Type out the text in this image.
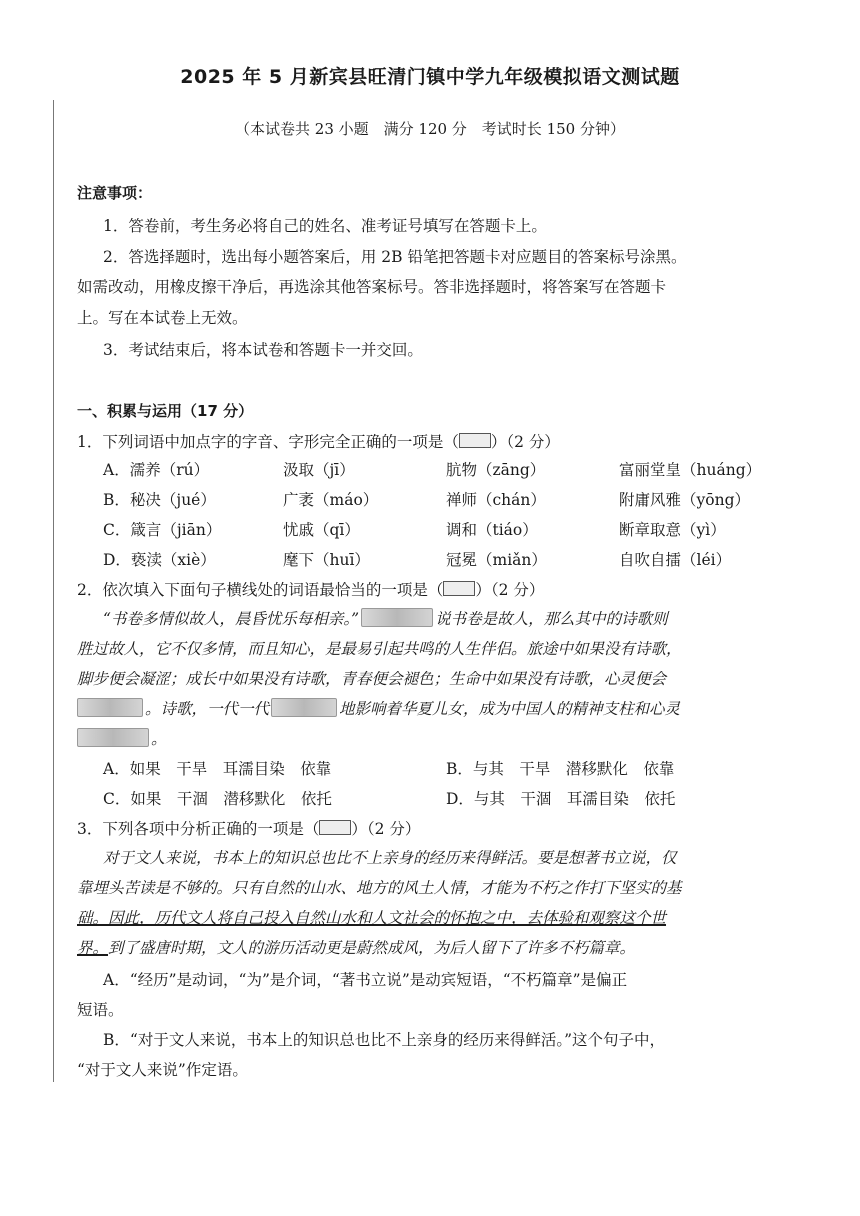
2025 年 5 月新宾县旺清门镇中学九年级模拟语文测试题
（本试卷共 23 小题　满分 120 分　考试时长 150 分钟）
注意事项：
1．答卷前，考生务必将自己的姓名、准考证号填写在答题卡上。
2．答选择题时，选出每小题答案后，用 2B 铅笔把答题卡对应题目的答案标号涂黑。
如需改动，用橡皮擦干净后，再选涂其他答案标号。答非选择题时，将答案写在答题卡
上。写在本试卷上无效。
3．考试结束后，将本试卷和答题卡一并交回。
一、积累与运用（17 分）
1．下列词语中加点字的字音、字形完全正确的一项是（ ）（2 分）
A．濡养（rú）	汲取（jī）	肮物（zāng）	富丽堂皇（huáng）
B．秘决（jué）	广袤（máo）	禅师（chán）	附庸风雅（yōng）
C．箴言（jiān）	忧戚（qī）	调和（tiáo）	断章取意（yì）
D．亵渎（xiè）	麾下（huī）	冠冕（miǎn）	自吹自擂（léi）
2．依次填入下面句子横线处的词语最恰当的一项是（ ）（2 分）
“书卷多情似故人，晨昏忧乐每相亲。”	说书卷是故人，那么其中的诗歌则
胜过故人，它不仅多情，而且知心，是最易引起共鸣的人生伴侣。旅途中如果没有诗歌，
脚步便会凝涩；成长中如果没有诗歌，青春便会褪色；生命中如果没有诗歌，心灵便会
。诗歌，一代一代	地影响着华夏儿女，成为中国人的精神支柱和心灵
。
A．如果　干旱　耳濡目染　依靠	B．与其　干旱　潜移默化　依靠
C．如果　干涸　潜移默化　依托	D．与其　干涸　耳濡目染　依托
3．下列各项中分析正确的一项是（ ）（2 分）
对于文人来说，书本上的知识总也比不上亲身的经历来得鲜活。要是想著书立说，仅
靠埋头苦读是不够的。只有自然的山水、地方的风土人情，才能为不朽之作打下坚实的基
础。因此，历代文人将自己投入自然山水和人文社会的怀抱之中，去体验和观察这个世
界。到了盛唐时期，文人的游历活动更是蔚然成风，为后人留下了许多不朽篇章。
A．“经历”是动词，“为”是介词，“著书立说”是动宾短语，“不朽篇章”是偏正
短语。
B．“对于文人来说，书本上的知识总也比不上亲身的经历来得鲜活。”这个句子中，
“对于文人来说”作定语。
